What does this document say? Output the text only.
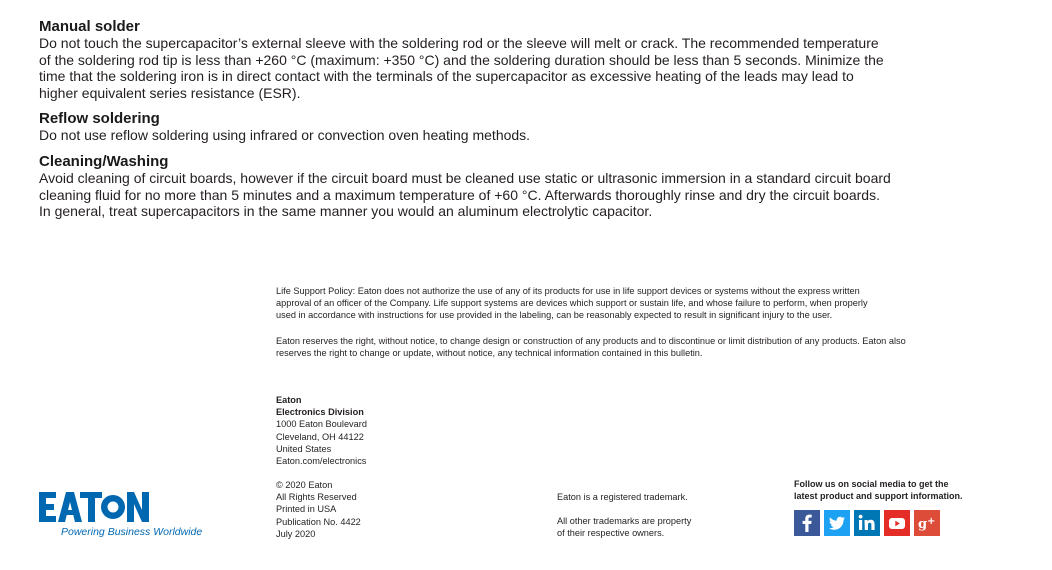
Manual solder
Do not touch the supercapacitor’s external sleeve with the soldering rod or the sleeve will melt or crack. The recommended temperature
of the soldering rod tip is less than +260 °C (maximum: +350 °C) and the soldering duration should be less than 5 seconds. Minimize the
time that the soldering iron is in direct contact with the terminals of the supercapacitor as excessive heating of the leads may lead to
higher equivalent series resistance (ESR).
Reflow soldering
Do not use reflow soldering using infrared or convection oven heating methods.
Cleaning/Washing
Avoid cleaning of circuit boards, however if the circuit board must be cleaned use static or ultrasonic immersion in a standard circuit board
cleaning fluid for no more than 5 minutes and a maximum temperature of +60 °C. Afterwards thoroughly rinse and dry the circuit boards.
In general, treat supercapacitors in the same manner you would an aluminum electrolytic capacitor.
Life Support Policy: Eaton does not authorize the use of any of its products for use in life support devices or systems without the express written
approval of an officer of the Company. Life support systems are devices which support or sustain life, and whose failure to perform, when properly
used in accordance with instructions for use provided in the labeling, can be reasonably expected to result in significant injury to the user.
Eaton reserves the right, without notice, to change design or construction of any products and to discontinue or limit distribution of any products. Eaton also
reserves the right to change or update, without notice, any technical information contained in this bulletin.
Eaton
Electronics Division
1000 Eaton Boulevard
Cleveland, OH 44122
United States
Eaton.com/electronics
© 2020 Eaton
All Rights Reserved
Printed in USA
Publication No. 4422
July 2020
Eaton is a registered trademark.
All other trademarks are property
of their respective owners.
Follow us on social media to get the
latest product and support information.
g +
Powering Business Worldwide
